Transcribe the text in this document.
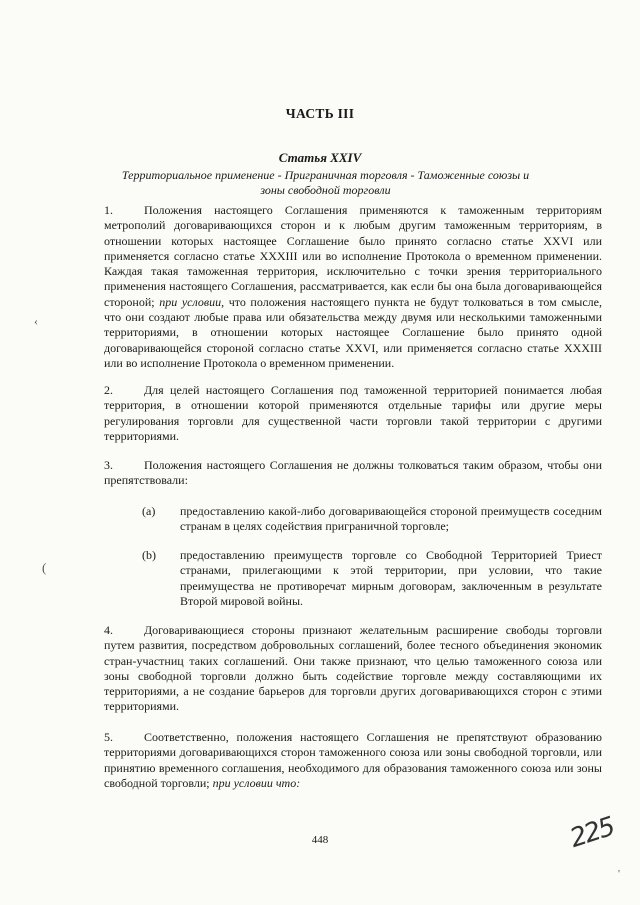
ЧАСТЬ III
Статья XXIV
Территориальное применение - Приграничная торговля - Таможенные союзы и зоны свободной торговли
1.	Положения настоящего Соглашения применяются к таможенным территориям метрополий договаривающихся сторон и к любым другим таможенным территориям, в отношении которых настоящее Соглашение было принято согласно статье XXVI или применяется согласно статье XXXIII или во исполнение Протокола о временном применении. Каждая такая таможенная территория, исключительно с точки зрения территориального применения настоящего Соглашения, рассматривается, как если бы она была договаривающейся стороной; при условии, что положения настоящего пункта не будут толковаться в том смысле, что они создают любые права или обязательства между двумя или несколькими таможенными территориями, в отношении которых настоящее Соглашение было принято одной договаривающейся стороной согласно статье XXVI, или применяется согласно статье XXXIII или во исполнение Протокола о временном применении.
2.	Для целей настоящего Соглашения под таможенной территорией понимается любая территория, в отношении которой применяются отдельные тарифы или другие меры регулирования торговли для существенной части торговли такой территории с другими территориями.
3.	Положения настоящего Соглашения не должны толковаться таким образом, чтобы они препятствовали:
(a) предоставлению какой-либо договаривающейся стороной преимуществ соседним странам в целях содействия приграничной торговле;
(b) предоставлению преимуществ торговле со Свободной Территорией Триест странами, прилегающими к этой территории, при условии, что такие преимущества не противоречат мирным договорам, заключенным в результате Второй мировой войны.
4.	Договаривающиеся стороны признают желательным расширение свободы торговли путем развития, посредством добровольных соглашений, более тесного объединения экономик стран-участниц таких соглашений. Они также признают, что целью таможенного союза или зоны свободной торговли должно быть содействие торговле между составляющими их территориями, а не создание барьеров для торговли других договаривающихся сторон с этими территориями.
5.	Соответственно, положения настоящего Соглашения не препятствуют образованию территориями договаривающихся сторон таможенного союза или зоны свободной торговли, или принятию временного соглашения, необходимого для образования таможенного союза или зоны свободной торговли; при условии что:
448	225
‹
(
'
